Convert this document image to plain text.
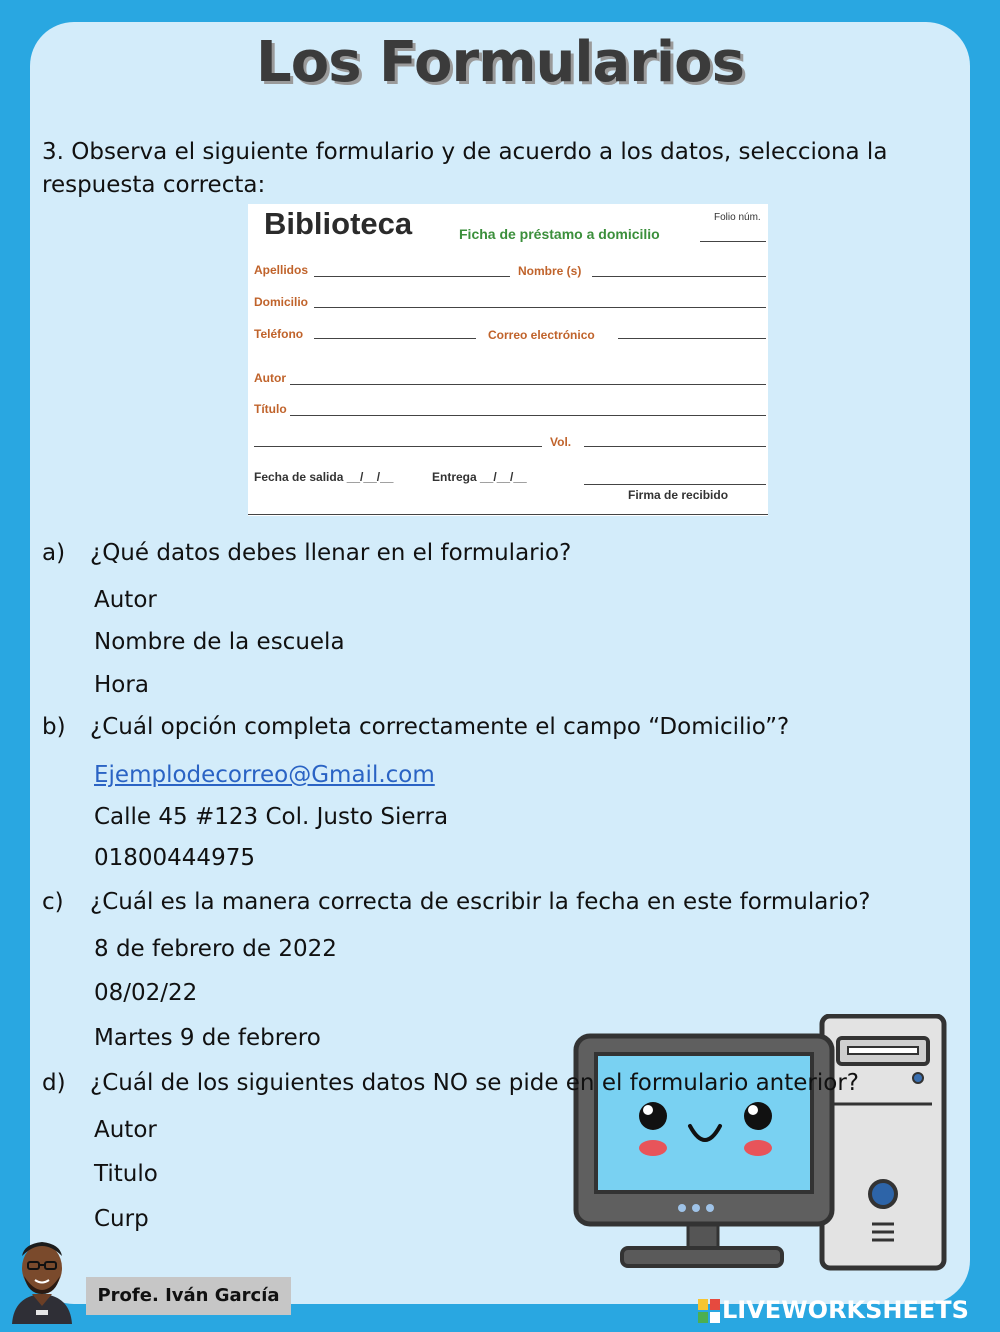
Los Formularios
3. Observa el siguiente formulario y de acuerdo a los datos, selecciona la respuesta correcta:
Biblioteca	Ficha de préstamo a domicilio
Folio núm.
Apellidos	Nombre (s)
Domicilio
Teléfono	Correo electrónico
Autor
Título
Vol.
Fecha de salida __/__/__	Entrega __/__/__
Firma de recibido
a) ¿Qué datos debes llenar en el formulario?
Autor
Nombre de la escuela
Hora
b) ¿Cuál opción completa correctamente el campo “Domicilio”?
Ejemplodecorreo@Gmail.com
Calle 45 #123 Col. Justo Sierra
01800444975
c) ¿Cuál es la manera correcta de escribir la fecha en este formulario?
8 de febrero de 2022
08/02/22
Martes 9 de febrero
d) ¿Cuál de los siguientes datos NO se pide en el formulario anterior?
Autor
Titulo
Curp
Profe. Iván García
LIVEWORKSHEETS
